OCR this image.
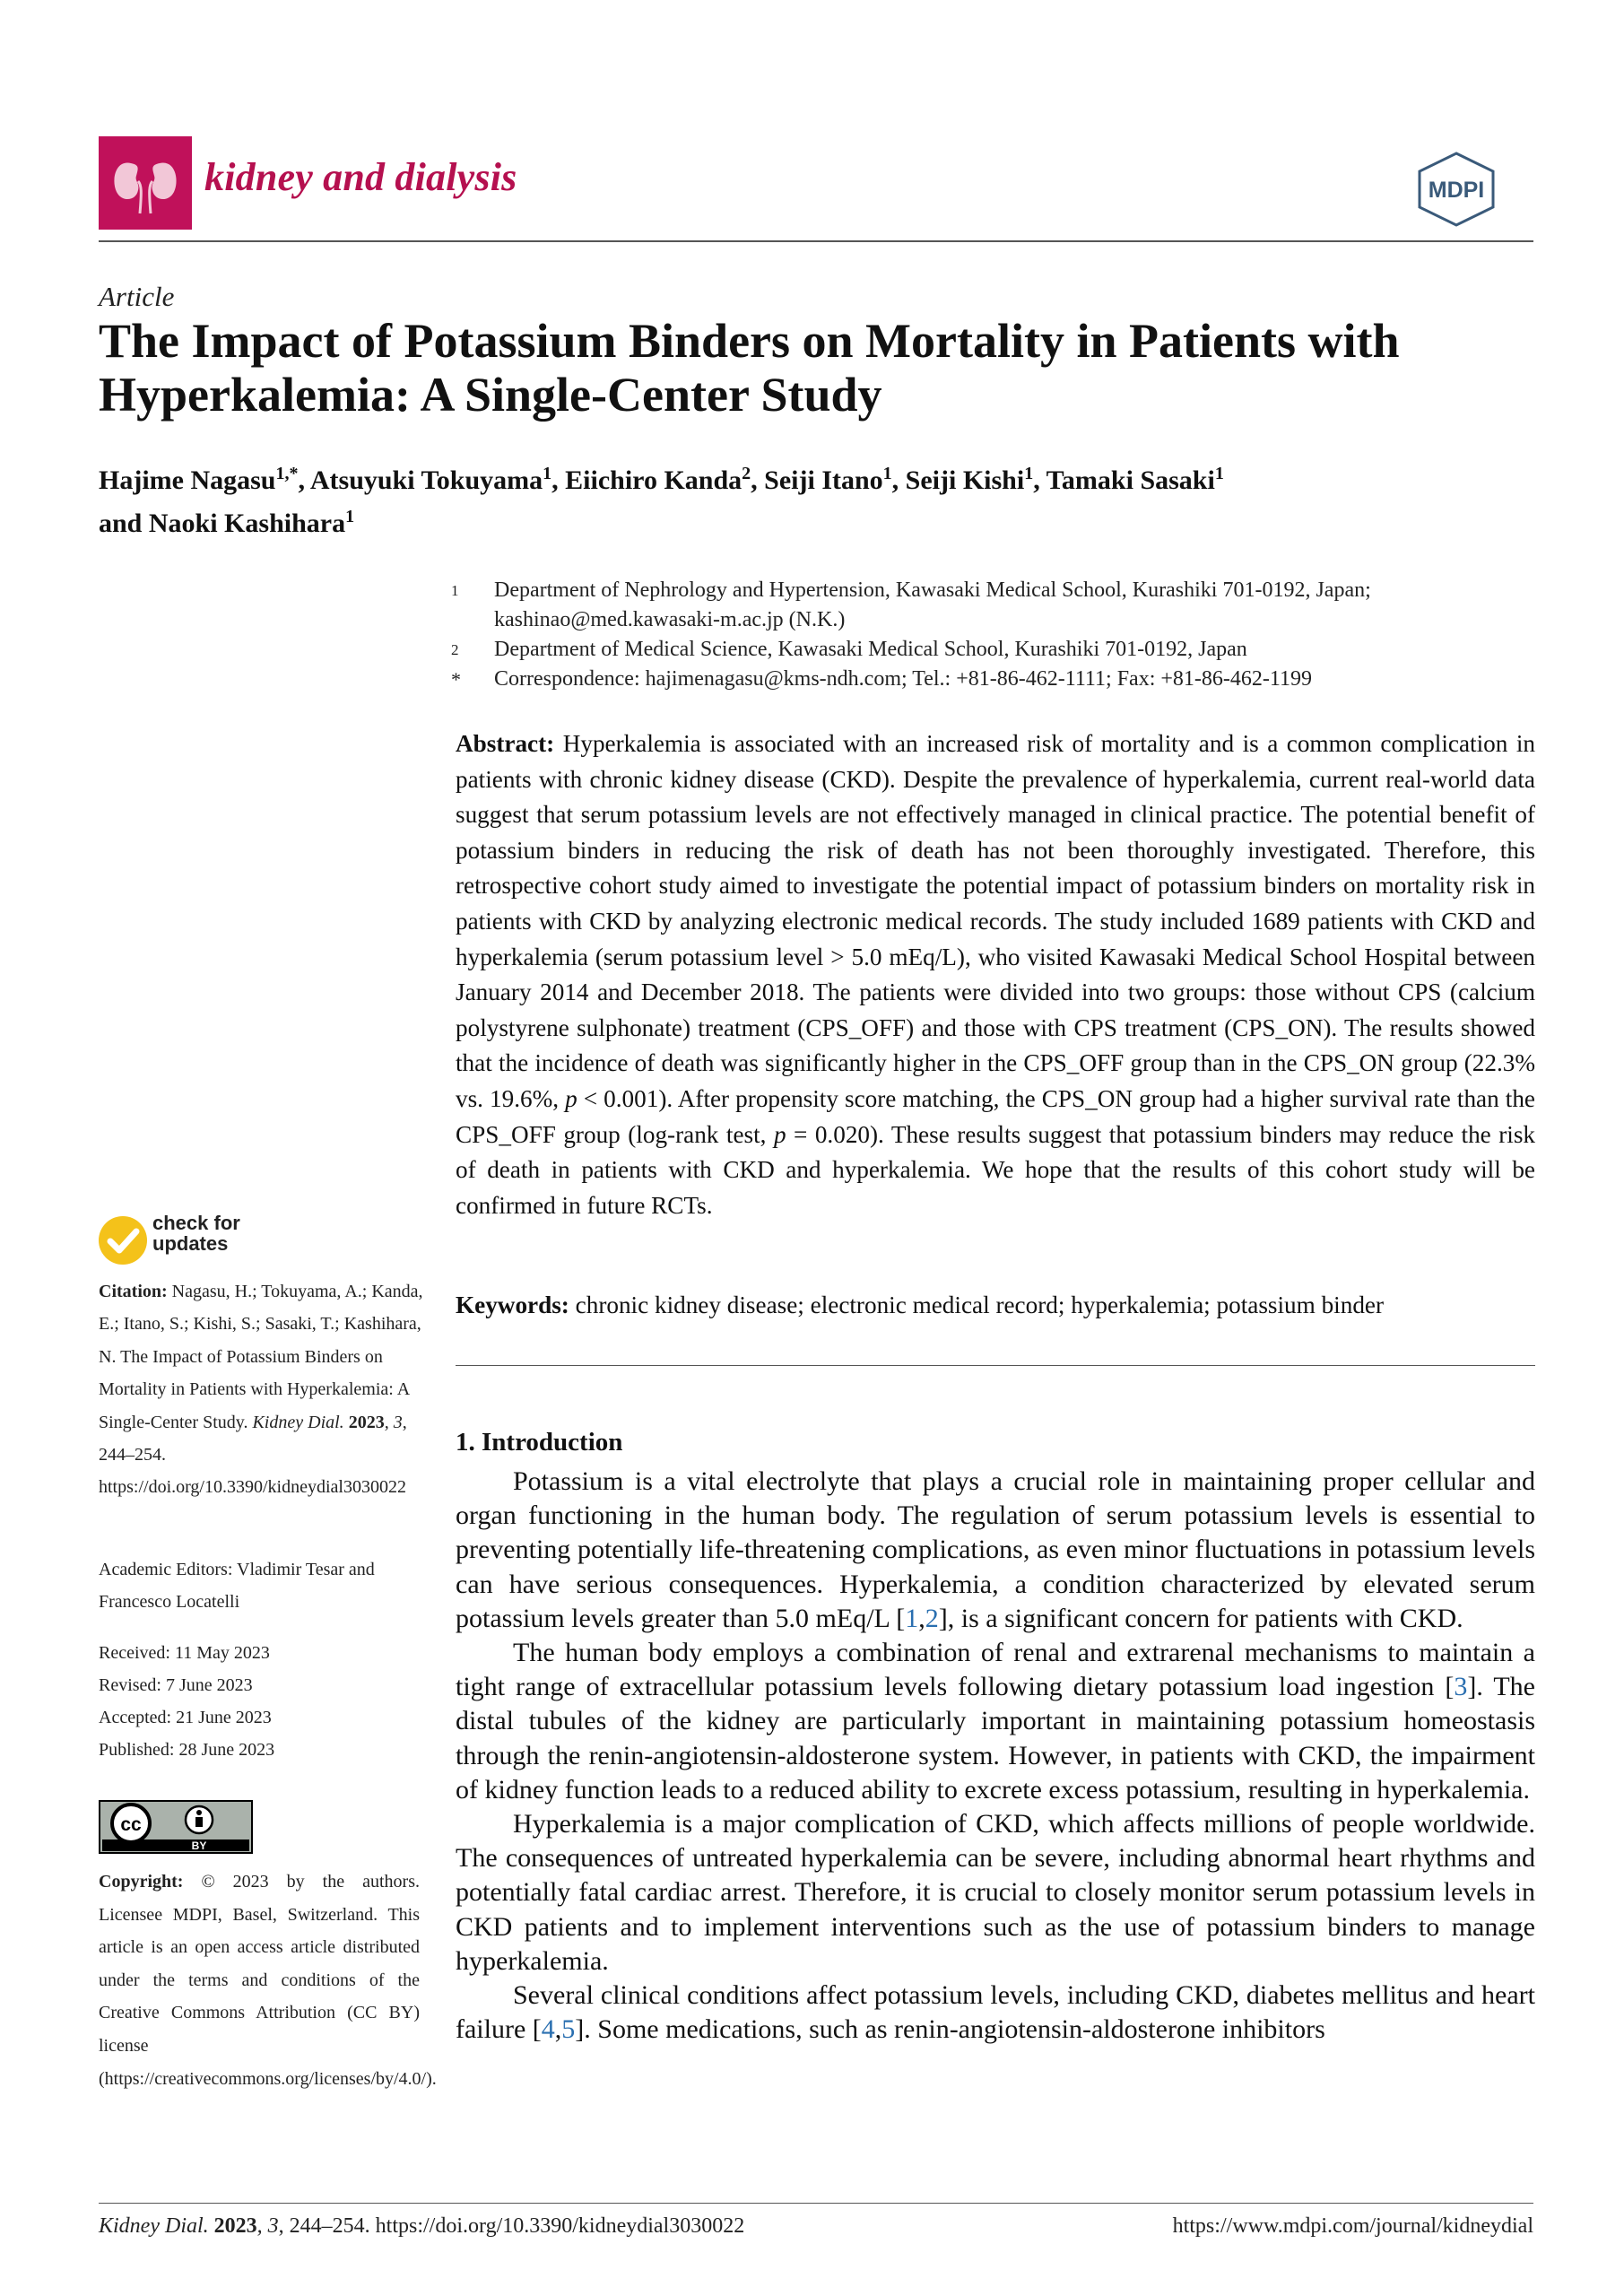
kidney and dialysis	MDPI
Article
The Impact of Potassium Binders on Mortality in Patients with Hyperkalemia: A Single-Center Study
Hajime Nagasu$^{1,*}$, Atsuyuki Tokuyama$^1$, Eiichiro Kanda$^2$, Seiji Itano$^1$, Seiji Kishi$^1$, Tamaki Sasaki$^1$
and Naoki Kashihara$^1$
1 Department of Nephrology and Hypertension, Kawasaki Medical School, Kurashiki 701-0192, Japan; kashinao@med.kawasaki-m.ac.jp (N.K.)
2 Department of Medical Science, Kawasaki Medical School, Kurashiki 701-0192, Japan
* Correspondence: hajimenagasu@kms-ndh.com; Tel.: +81-86-462-1111; Fax: +81-86-462-1199
Abstract: Hyperkalemia is associated with an increased risk of mortality and is a common complication in patients with chronic kidney disease (CKD). Despite the prevalence of hyperkalemia, current real-world data suggest that serum potassium levels are not effectively managed in clinical practice. The potential benefit of potassium binders in reducing the risk of death has not been thoroughly investigated. Therefore, this retrospective cohort study aimed to investigate the potential impact of potassium binders on mortality risk in patients with CKD by analyzing electronic medical records. The study included 1689 patients with CKD and hyperkalemia (serum potassium level > 5.0 mEq/L), who visited Kawasaki Medical School Hospital between January 2014 and December 2018. The patients were divided into two groups: those without CPS (calcium polystyrene sulphonate) treatment (CPS_OFF) and those with CPS treatment (CPS_ON). The results showed that the incidence of death was significantly higher in the CPS_OFF group than in the CPS_ON group (22.3% vs. 19.6%, p < 0.001). After propensity score matching, the CPS_ON group had a higher survival rate than the CPS_OFF group (log-rank test, p = 0.020). These results suggest that potassium binders may reduce the risk of death in patients with CKD and hyperkalemia. We hope that the results of this cohort study will be confirmed in future RCTs.
Keywords: chronic kidney disease; electronic medical record; hyperkalemia; potassium binder
check for
updates
Citation: Nagasu, H.; Tokuyama, A.; Kanda, E.; Itano, S.; Kishi, S.; Sasaki, T.; Kashihara, N. The Impact of Potassium Binders on Mortality in Patients with Hyperkalemia: A Single-Center Study. Kidney Dial. 2023, 3, 244–254. https://doi.org/10.3390/kidneydial3030022
Academic Editors: Vladimir Tesar and Francesco Locatelli
Received: 11 May 2023
Revised: 7 June 2023
Accepted: 21 June 2023
Published: 28 June 2023
cc
BY
Copyright: © 2023 by the authors. Licensee MDPI, Basel, Switzerland. This article is an open access article distributed under the terms and conditions of the Creative Commons Attribution (CC BY) license (https://creativecommons.org/licenses/by/4.0/).
1. Introduction

Potassium is a vital electrolyte that plays a crucial role in maintaining proper cellular and organ functioning in the human body. The regulation of serum potassium levels is essential to preventing potentially life-threatening complications, as even minor fluctuations in potassium levels can have serious consequences. Hyperkalemia, a condition characterized by elevated serum potassium levels greater than 5.0 mEq/L [1,2], is a significant concern for patients with CKD.

The human body employs a combination of renal and extrarenal mechanisms to maintain a tight range of extracellular potassium levels following dietary potassium load ingestion [3]. The distal tubules of the kidney are particularly important in maintaining potassium homeostasis through the renin-angiotensin-aldosterone system. However, in patients with CKD, the impairment of kidney function leads to a reduced ability to excrete excess potassium, resulting in hyperkalemia.

Hyperkalemia is a major complication of CKD, which affects millions of people worldwide. The consequences of untreated hyperkalemia can be severe, including abnormal heart rhythms and potentially fatal cardiac arrest. Therefore, it is crucial to closely monitor serum potassium levels in CKD patients and to implement interventions such as the use of potassium binders to manage hyperkalemia.

Several clinical conditions affect potassium levels, including CKD, diabetes mellitus and heart failure [4,5]. Some medications, such as renin-angiotensin-aldosterone inhibitors

Kidney Dial. 2023, 3, 244–254. https://doi.org/10.3390/kidneydial3030022	https://www.mdpi.com/journal/kidneydial
